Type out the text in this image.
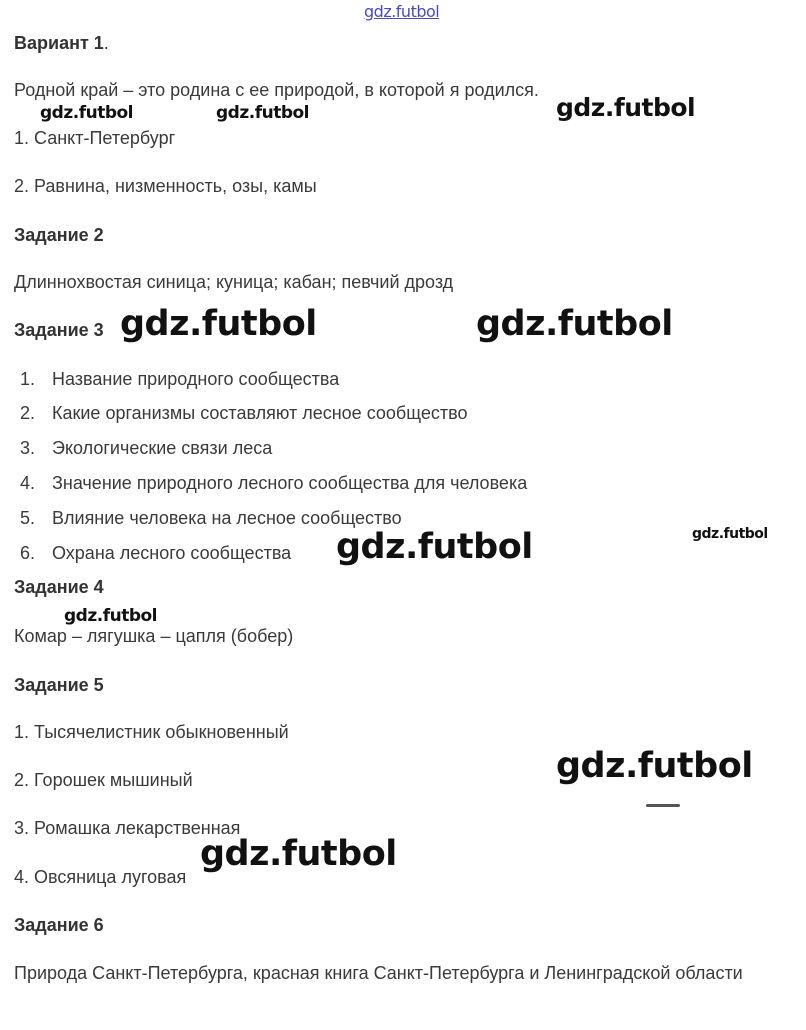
Вариант 1.
Родной край – это родина с ее природой, в которой я родился.
1. Санкт-Петербург
2. Равнина, низменность, озы, камы
Задание 2
Длиннохвостая синица; куница; кабан; певчий дрозд
Задание 3
1. Название природного сообщества
2. Какие организмы составляют лесное сообщество
3. Экологические связи леса
4. Значение природного лесного сообщества для человека
5. Влияние человека на лесное сообщество
6. Охрана лесного сообщества
Задание 4
Комар – лягушка – цапля (бобер)
Задание 5
1. Тысячелистник обыкновенный
2. Горошек мышиный
3. Ромашка лекарственная
4. Овсяница луговая
Задание 6
Природа Санкт-Петербурга, красная книга Санкт-Петербурга и Ленинградской области
gdz.futbol
gdz.futbol	gdz.futbol	gdz.futbol
gdz.futbol	gdz.futbol
gdz.futbol
gdz.futbol
gdz.futbol
gdz.futbol
gdz.futbol
